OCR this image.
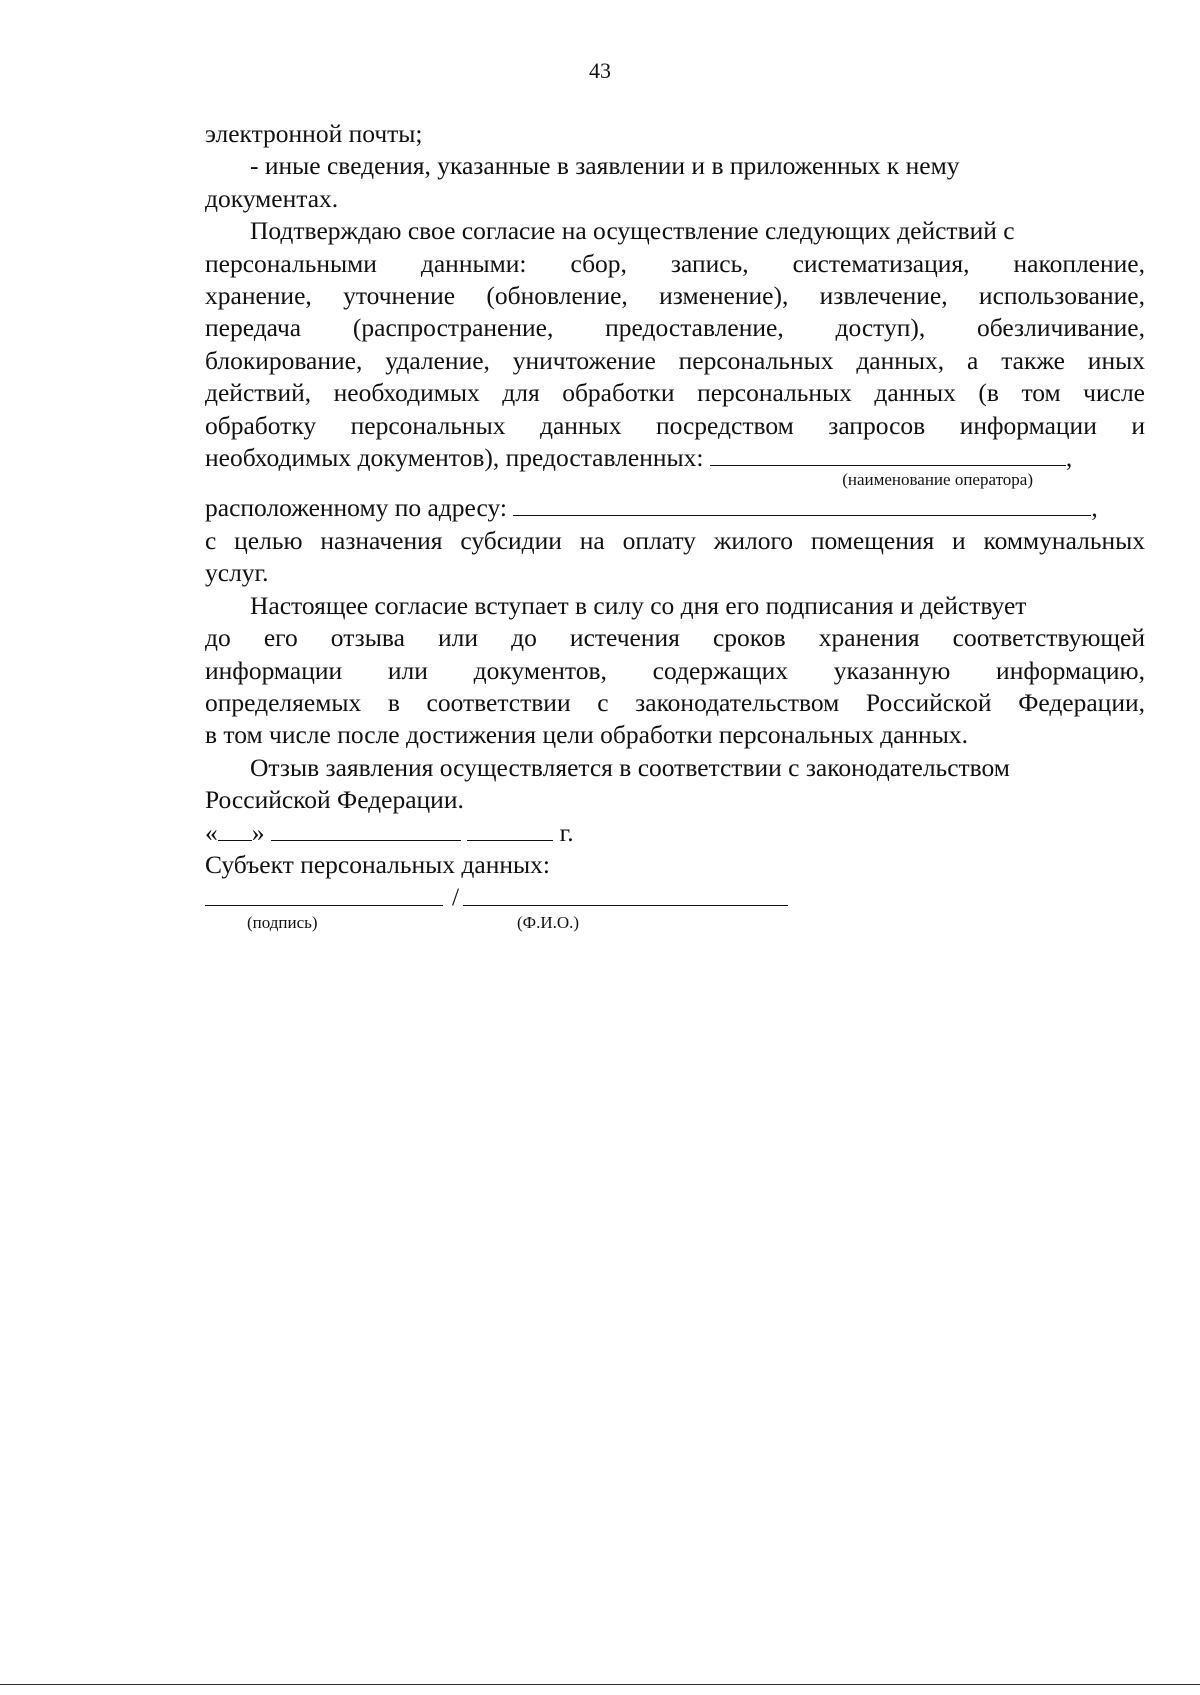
43
электронной почты;
- иные сведения, указанные в заявлении и в приложенных к нему
документах.
Подтверждаю свое согласие на осуществление следующих действий с
персональными данными: сбор, запись, систематизация, накопление,
хранение, уточнение (обновление, изменение), извлечение, использование,
передача (распространение, предоставление, доступ), обезличивание,
блокирование, удаление, уничтожение персональных данных, а также иных
действий, необходимых для обработки персональных данных (в том числе
обработку персональных данных посредством запросов информации и
необходимых документов), предоставленных:	,
(наименование оператора)
расположенному по адресу:	,
с целью назначения субсидии на оплату жилого помещения и коммунальных
услуг.
Настоящее согласие вступает в силу со дня его подписания и действует
до его отзыва или до истечения сроков хранения соответствующей
информации или документов, содержащих указанную информацию,
определяемых в соответствии с законодательством Российской Федерации,
в том числе после достижения цели обработки персональных данных.
Отзыв заявления осуществляется в соответствии с законодательством
Российской Федерации.
« »	г.
Субъект персональных данных:
/
(подпись)	(Ф.И.О.)
